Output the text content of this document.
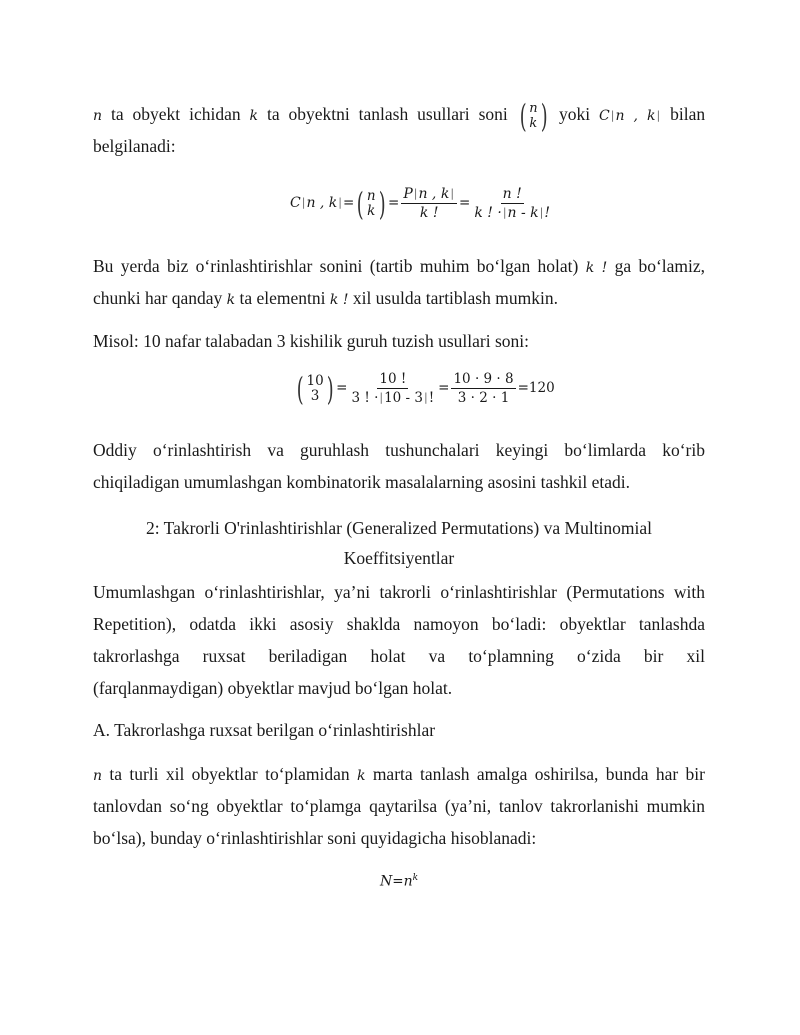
n ta obyekt ichidan k ta obyektni tanlash usullari soni ( n
k ) yoki C|n , k| bilan
belgilanadi:
C|n , k|= ( n
k ) = $\frac{P|n , k|}{k !} = \frac{n !}{k ! \cdot|n - k|!}$
Bu yerda biz o‘rinlashtirishlar sonini (tartib muhim bo‘lgan holat) k ! ga bo‘lamiz,
chunki har qanday k ta elementni k ! xil usulda tartiblash mumkin.
Misol: 10 nafar talabadan 3 kishilik guruh tuzish usullari soni:
( 10
3 ) = $\frac{10 !}{3 ! \cdot|10 - 3|!} = \frac{10 \cdot 9 \cdot 8}{3 \cdot 2 \cdot 1} =120$
Oddiy o‘rinlashtirish va guruhlash tushunchalari keyingi bo‘limlarda ko‘rib
chiqiladigan umumlashgan kombinatorik masalalarning asosini tashkil etadi.
2: Takrorli O'rinlashtirishlar (Generalized Permutations) va Multinomial
Koeffitsiyentlar
Umumlashgan o‘rinlashtirishlar, ya’ni takrorli o‘rinlashtirishlar (Permutations with
Repetition), odatda ikki asosiy shaklda namoyon bo‘ladi: obyektlar tanlashda
takrorlashga ruxsat beriladigan holat va to‘plamning o‘zida bir xil
(farqlanmaydigan) obyektlar mavjud bo‘lgan holat.
A. Takrorlashga ruxsat berilgan o‘rinlashtirishlar
n ta turli xil obyektlar to‘plamidan k marta tanlash amalga oshirilsa, bunda har bir
tanlovdan so‘ng obyektlar to‘plamga qaytarilsa (ya’ni, tanlov takrorlanishi mumkin
bo‘lsa), bunday o‘rinlashtirishlar soni quyidagicha hisoblanadi:
$N=n^k$
